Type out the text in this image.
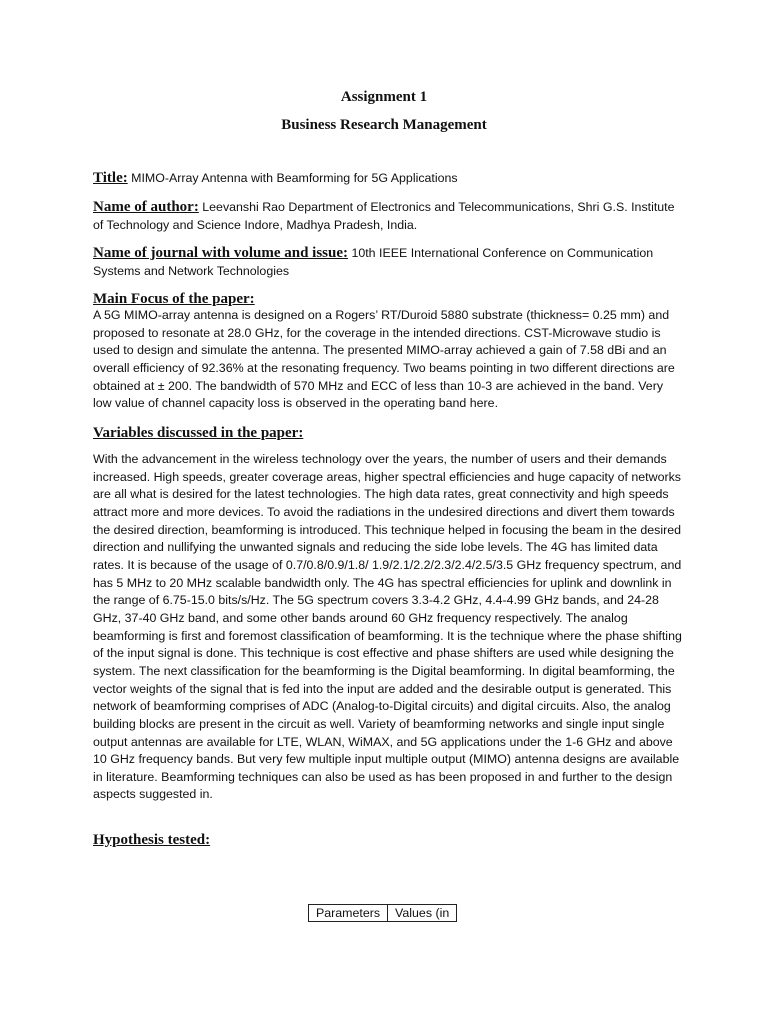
Assignment 1
Business Research Management
Title: MIMO-Array Antenna with Beamforming for 5G Applications
Name of author: Leevanshi Rao Department of Electronics and Telecommunications, Shri G.S. Institute of Technology and Science Indore, Madhya Pradesh, India.
Name of journal with volume and issue: 10th IEEE International Conference on Communication Systems and Network Technologies
Main Focus of the paper:
A 5G MIMO-array antenna is designed on a Rogers’ RT/Duroid 5880 substrate (thickness= 0.25 mm) and proposed to resonate at 28.0 GHz, for the coverage in the intended directions. CST-Microwave studio is used to design and simulate the antenna. The presented MIMO-array achieved a gain of 7.58 dBi and an overall efficiency of 92.36% at the resonating frequency. Two beams pointing in two different directions are obtained at ± 200. The bandwidth of 570 MHz and ECC of less than 10-3 are achieved in the band. Very low value of channel capacity loss is observed in the operating band here.
Variables discussed in the paper:
With the advancement in the wireless technology over the years, the number of users and their demands increased. High speeds, greater coverage areas, higher spectral efficiencies and huge capacity of networks are all what is desired for the latest technologies. The high data rates, great connectivity and high speeds attract more and more devices. To avoid the radiations in the undesired directions and divert them towards the desired direction, beamforming is introduced. This technique helped in focusing the beam in the desired direction and nullifying the unwanted signals and reducing the side lobe levels. The 4G has limited data rates. It is because of the usage of 0.7/0.8/0.9/1.8/ 1.9/2.1/2.2/2.3/2.4/2.5/3.5 GHz frequency spectrum, and has 5 MHz to 20 MHz scalable bandwidth only. The 4G has spectral efficiencies for uplink and downlink in the range of 6.75-15.0 bits/s/Hz. The 5G spectrum covers 3.3-4.2 GHz, 4.4-4.99 GHz bands, and 24-28 GHz, 37-40 GHz band, and some other bands around 60 GHz frequency respectively. The analog beamforming is first and foremost classification of beamforming. It is the technique where the phase shifting of the input signal is done. This technique is cost effective and phase shifters are used while designing the system. The next classification for the beamforming is the Digital beamforming. In digital beamforming, the vector weights of the signal that is fed into the input are added and the desirable output is generated. This network of beamforming comprises of ADC (Analog-to-Digital circuits) and digital circuits. Also, the analog building blocks are present in the circuit as well. Variety of beamforming networks and single input single output antennas are available for LTE, WLAN, WiMAX, and 5G applications under the 1-6 GHz and above 10 GHz frequency bands. But very few multiple input multiple output (MIMO) antenna designs are available in literature. Beamforming techniques can also be used as has been proposed in and further to the design aspects suggested in.
Hypothesis tested:
Parameters	Values (in
